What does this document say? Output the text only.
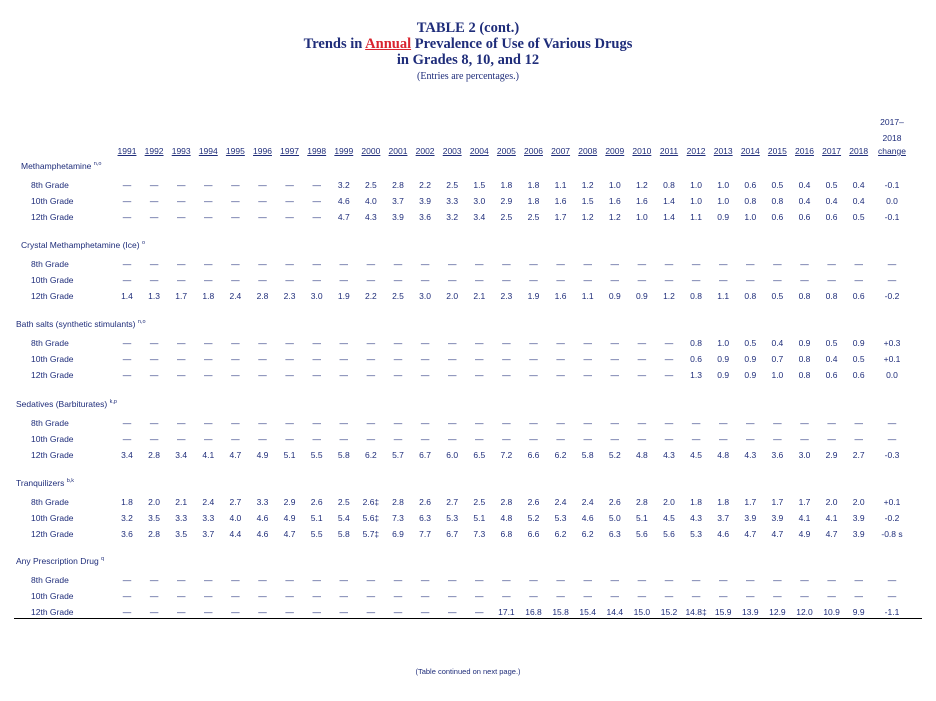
TABLE 2 (cont.)
Trends in Annual Prevalence of Use of Various Drugs
in Grades 8, 10, and 12
(Entries are percentages.)
1991 1992 1993 1994 1995 1996 1997 1998 1999 2000 2001 2002 2003 2004 2005 2006 2007 2008 2009 2010	2011 2012 2013 2014 2015 2016 2017 2018
Methamphetamine $^{n,o}$
8th Grade	—	—	—	—	—	—	—	—	3.2	2.5	2.8	2.2	2.5	1.5	1.8	1.8	1.1	1.2	1.0	1.2	0.8	1.0	1.0	0.6	0.5	0.4	0.5	0.4	-0.1
10th Grade	—	—	—	—	—	—	—	—	4.6	4.0	3.7	3.9	3.3	3.0	2.9	1.8	1.6	1.5	1.6	1.6	1.4	1.0	1.0	0.8	0.8	0.4	0.4	0.4	0.0
12th Grade	—	—	—	—	—	—	—	—	4.7	4.3	3.9	3.6	3.2	3.4	2.5	2.5	1.7	1.2	1.2	1.0	1.4	1.1	0.9	1.0	0.6	0.6	0.6	0.5	-0.1
Crystal Methamphetamine (Ice) $^o$
8th Grade	—	—	—	—	—	—	—	—	—	—	—	—	—	—	—	—	—	—	—	—	—	—	—	—	—	—	—	—	—
10th Grade	—	—	—	—	—	—	—	—	—	—	—	—	—	—	—	—	—	—	—	—	—	—	—	—	—	—	—	—	—
12th Grade	1.4	1.3	1.7	1.8	2.4	2.8	2.3	3.0	1.9	2.2	2.5	3.0	2.0	2.1	2.3	1.9	1.6	1.1	0.9	0.9	1.2	0.8	1.1	0.8	0.5	0.8	0.8	0.6	-0.2
Bath salts (synthetic stimulants) $^{n,o}$
8th Grade	—	—	—	—	—	—	—	—	—	—	—	—	—	—	—	—	—	—	—	—	—	0.8	1.0	0.5	0.4	0.9	0.5	0.9	+0.3
10th Grade	—	—	—	—	—	—	—	—	—	—	—	—	—	—	—	—	—	—	—	—	—	0.6	0.9	0.9	0.7	0.8	0.4	0.5	+0.1
12th Grade	—	—	—	—	—	—	—	—	—	—	—	—	—	—	—	—	—	—	—	—	—	1.3	0.9	0.9	1.0	0.8	0.6	0.6	0.0
Sedatives (Barbiturates) $^{k,p}$
8th Grade	—	—	—	—	—	—	—	—	—	—	—	—	—	—	—	—	—	—	—	—	—	—	—	—	—	—	—	—	—
10th Grade	—	—	—	—	—	—	—	—	—	—	—	—	—	—	—	—	—	—	—	—	—	—	—	—	—	—	—	—	—
12th Grade	3.4	2.8	3.4	4.1	4.7	4.9	5.1	5.5	5.8	6.2	5.7	6.7	6.0	6.5	7.2	6.6	6.2	5.8	5.2	4.8	4.3	4.5	4.8	4.3	3.6	3.0	2.9	2.7	-0.3
Tranquilizers $^{b,k}$
8th Grade	1.8	2.0	2.1	2.4	2.7	3.3	2.9	2.6	2.5	2.6‡	2.8	2.6	2.7	2.5	2.8	2.6	2.4	2.4	2.6	2.8	2.0	1.8	1.8	1.7	1.7	1.7	2.0	2.0	+0.1
10th Grade	3.2	3.5	3.3	3.3	4.0	4.6	4.9	5.1	5.4	5.6‡	7.3	6.3	5.3	5.1	4.8	5.2	5.3	4.6	5.0	5.1	4.5	4.3	3.7	3.9	3.9	4.1	4.1	3.9	-0.2
12th Grade	3.6	2.8	3.5	3.7	4.4	4.6	4.7	5.5	5.8	5.7‡	6.9	7.7	6.7	7.3	6.8	6.6	6.2	6.2	6.3	5.6	5.6	5.3	4.6	4.7	4.7	4.9	4.7	3.9	-0.8 s
Any Prescription Drug $^q$
8th Grade	—	—	—	—	—	—	—	—	—	—	—	—	—	—	—	—	—	—	—	—	—	—	—	—	—	—	—	—	—
10th Grade	—	—	—	—	—	—	—	—	—	—	—	—	—	—	—	—	—	—	—	—	—	—	—	—	—	—	—	—	—
12th Grade	—	—	—	—	—	—	—	—	—	—	—	—	—	—	17.1	16.8	15.8	15.4	14.4	15.0	15.2 14.8‡ 15.9	13.9	12.9	12.0	10.9	9.9	-1.1
2017–
2018
change
(Table continued on next page.)
